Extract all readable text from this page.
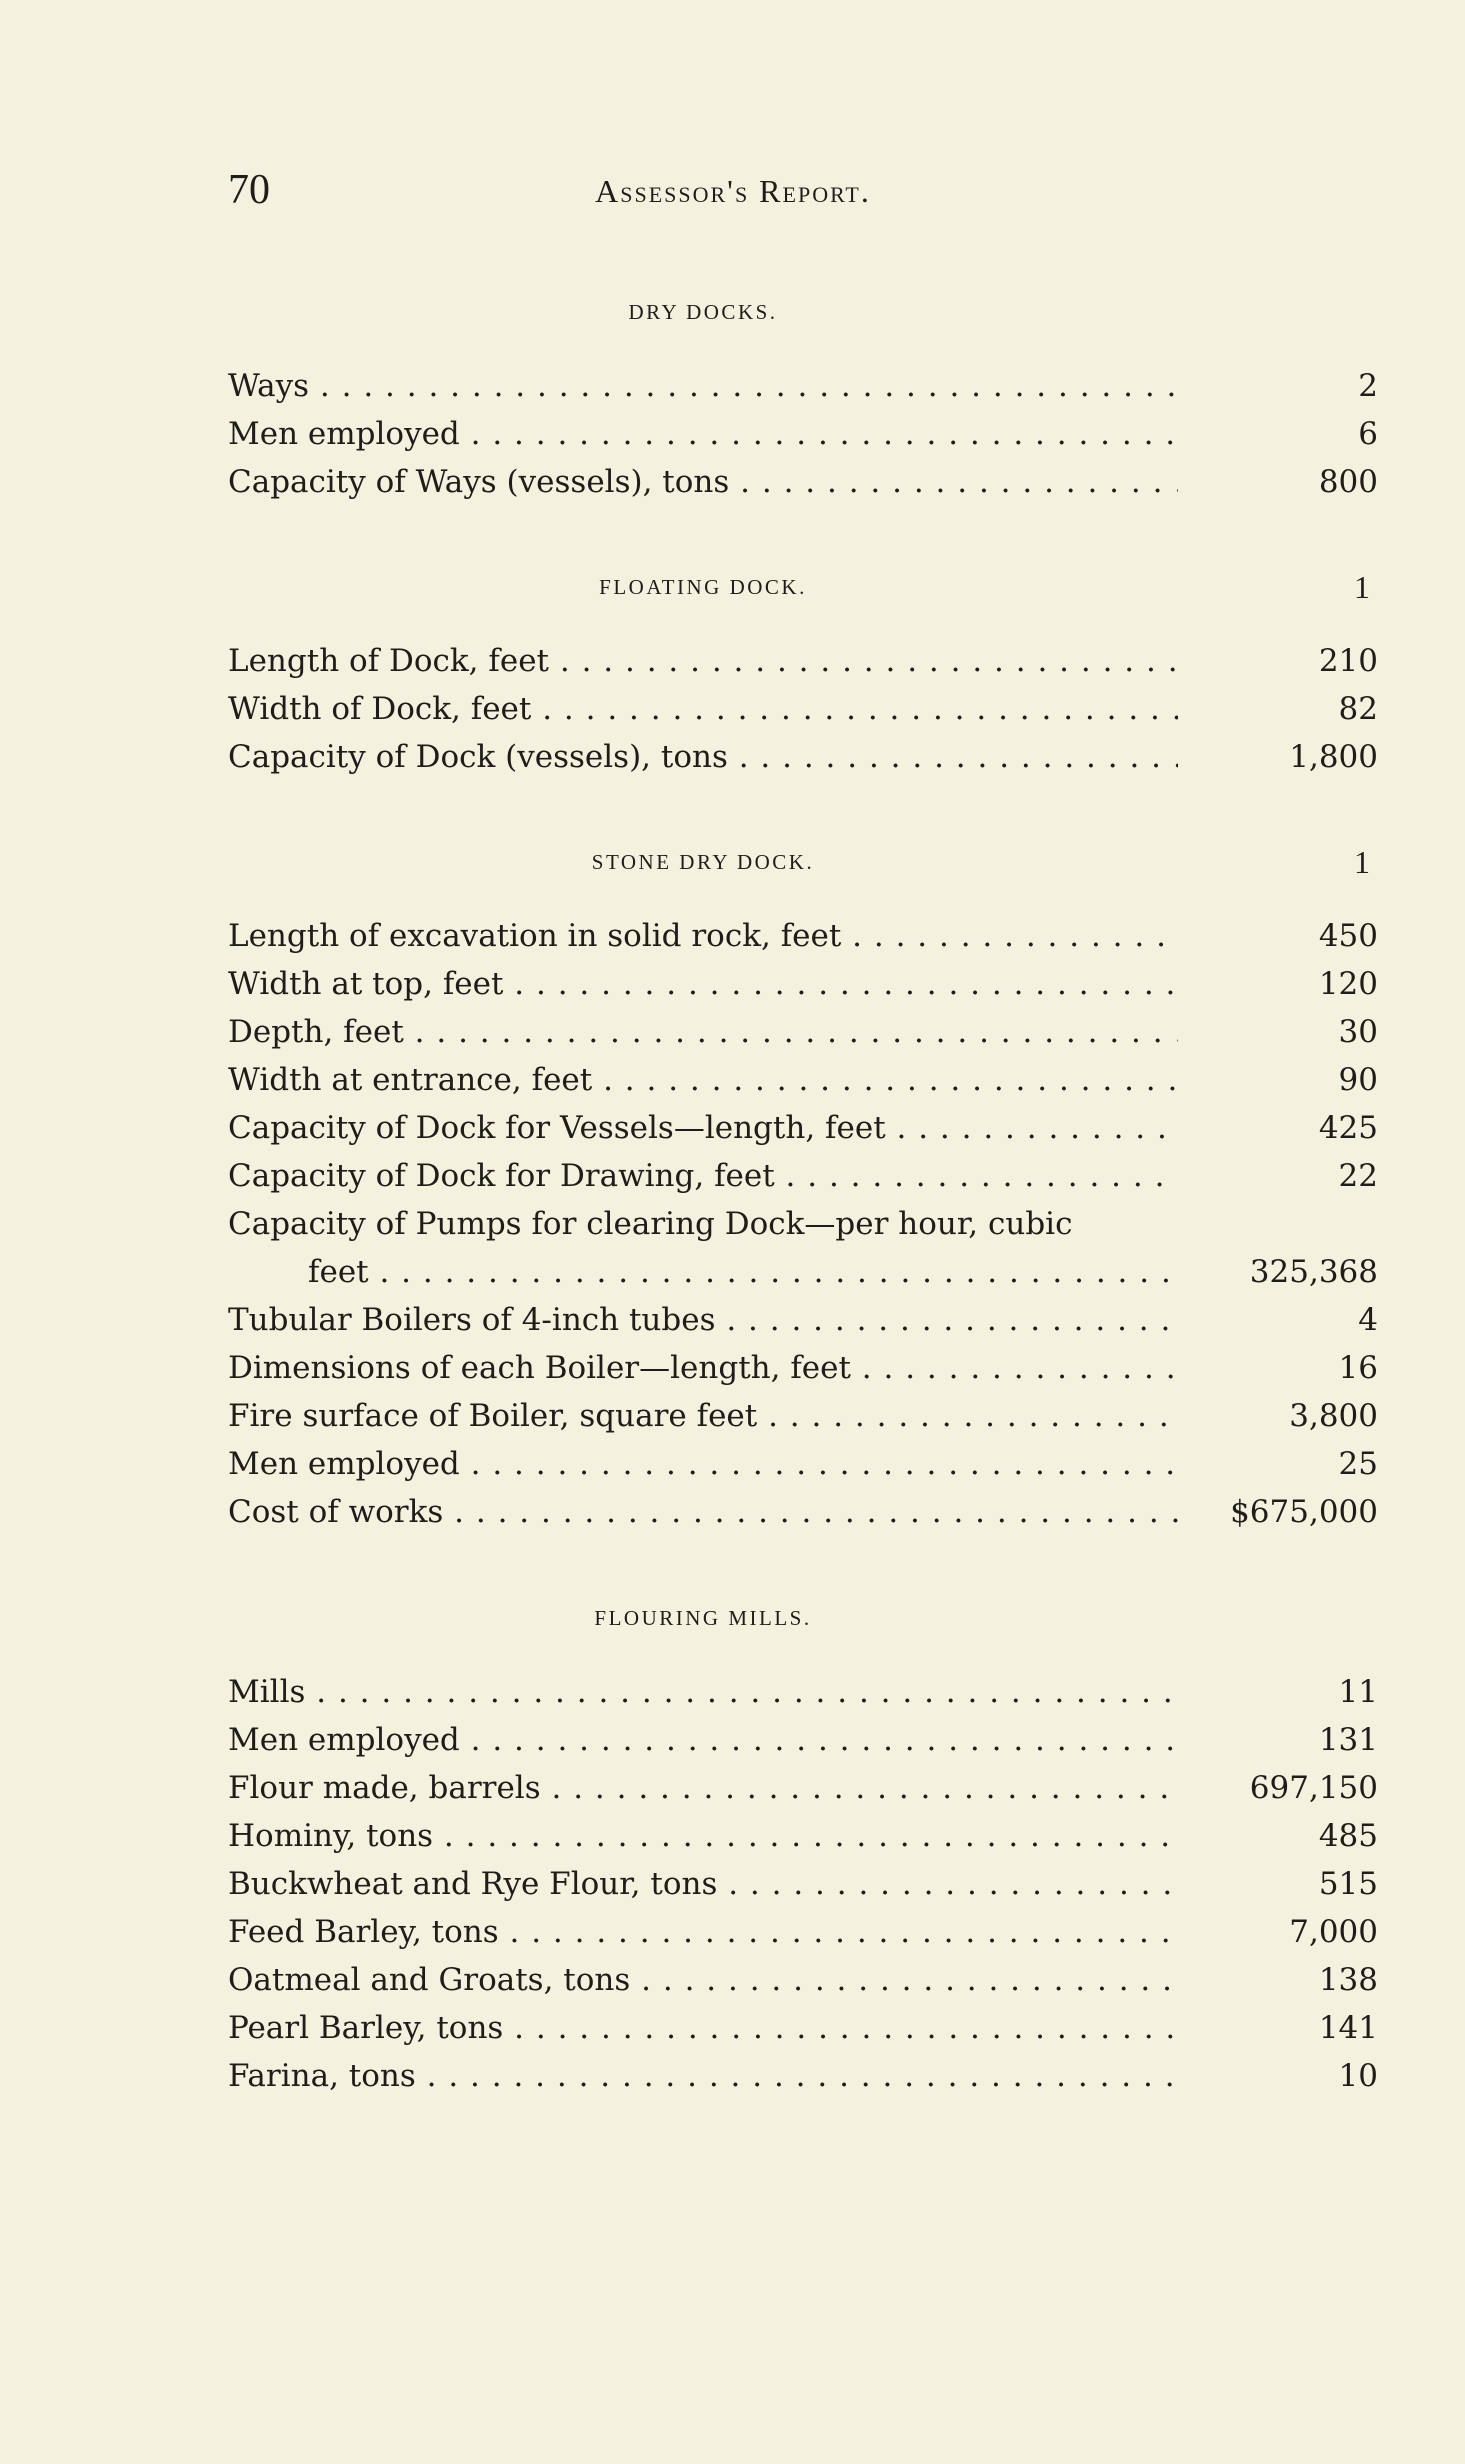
70	Assessor's Report.
DRY DOCKS.
Ways . . .	2
Men employed . . .	6
Capacity of Ways (vessels), tons . . .	800
FLOATING DOCK.	1
Length of Dock, feet . . .	210
Width of Dock, feet . . .	82
Capacity of Dock (vessels), tons . . .	1,800
STONE DRY DOCK.	1
Length of excavation in solid rock, feet . . .	450
Width at top, feet . . .	120
Depth, feet . . .	30
Width at entrance, feet . . .	90
Capacity of Dock for Vessels—length, feet . . .	425
Capacity of Dock for Drawing, feet . . .	22
Capacity of Pumps for clearing Dock—per hour, cubic
feet . . .	325,368
Tubular Boilers of 4-inch tubes . . .	4
Dimensions of each Boiler—length, feet . . .	16
Fire surface of Boiler, square feet . . .	3,800
Men employed . . .	25
Cost of works . . .	$675,000
FLOURING MILLS.
Mills . . .	11
Men employed . . .	131
Flour made, barrels . . .	697,150
Hominy, tons . . .	485
Buckwheat and Rye Flour, tons . . .	515
Feed Barley, tons . . .	7,000
Oatmeal and Groats, tons . . .	138
Pearl Barley, tons . . .	141
Farina, tons . . .	10
